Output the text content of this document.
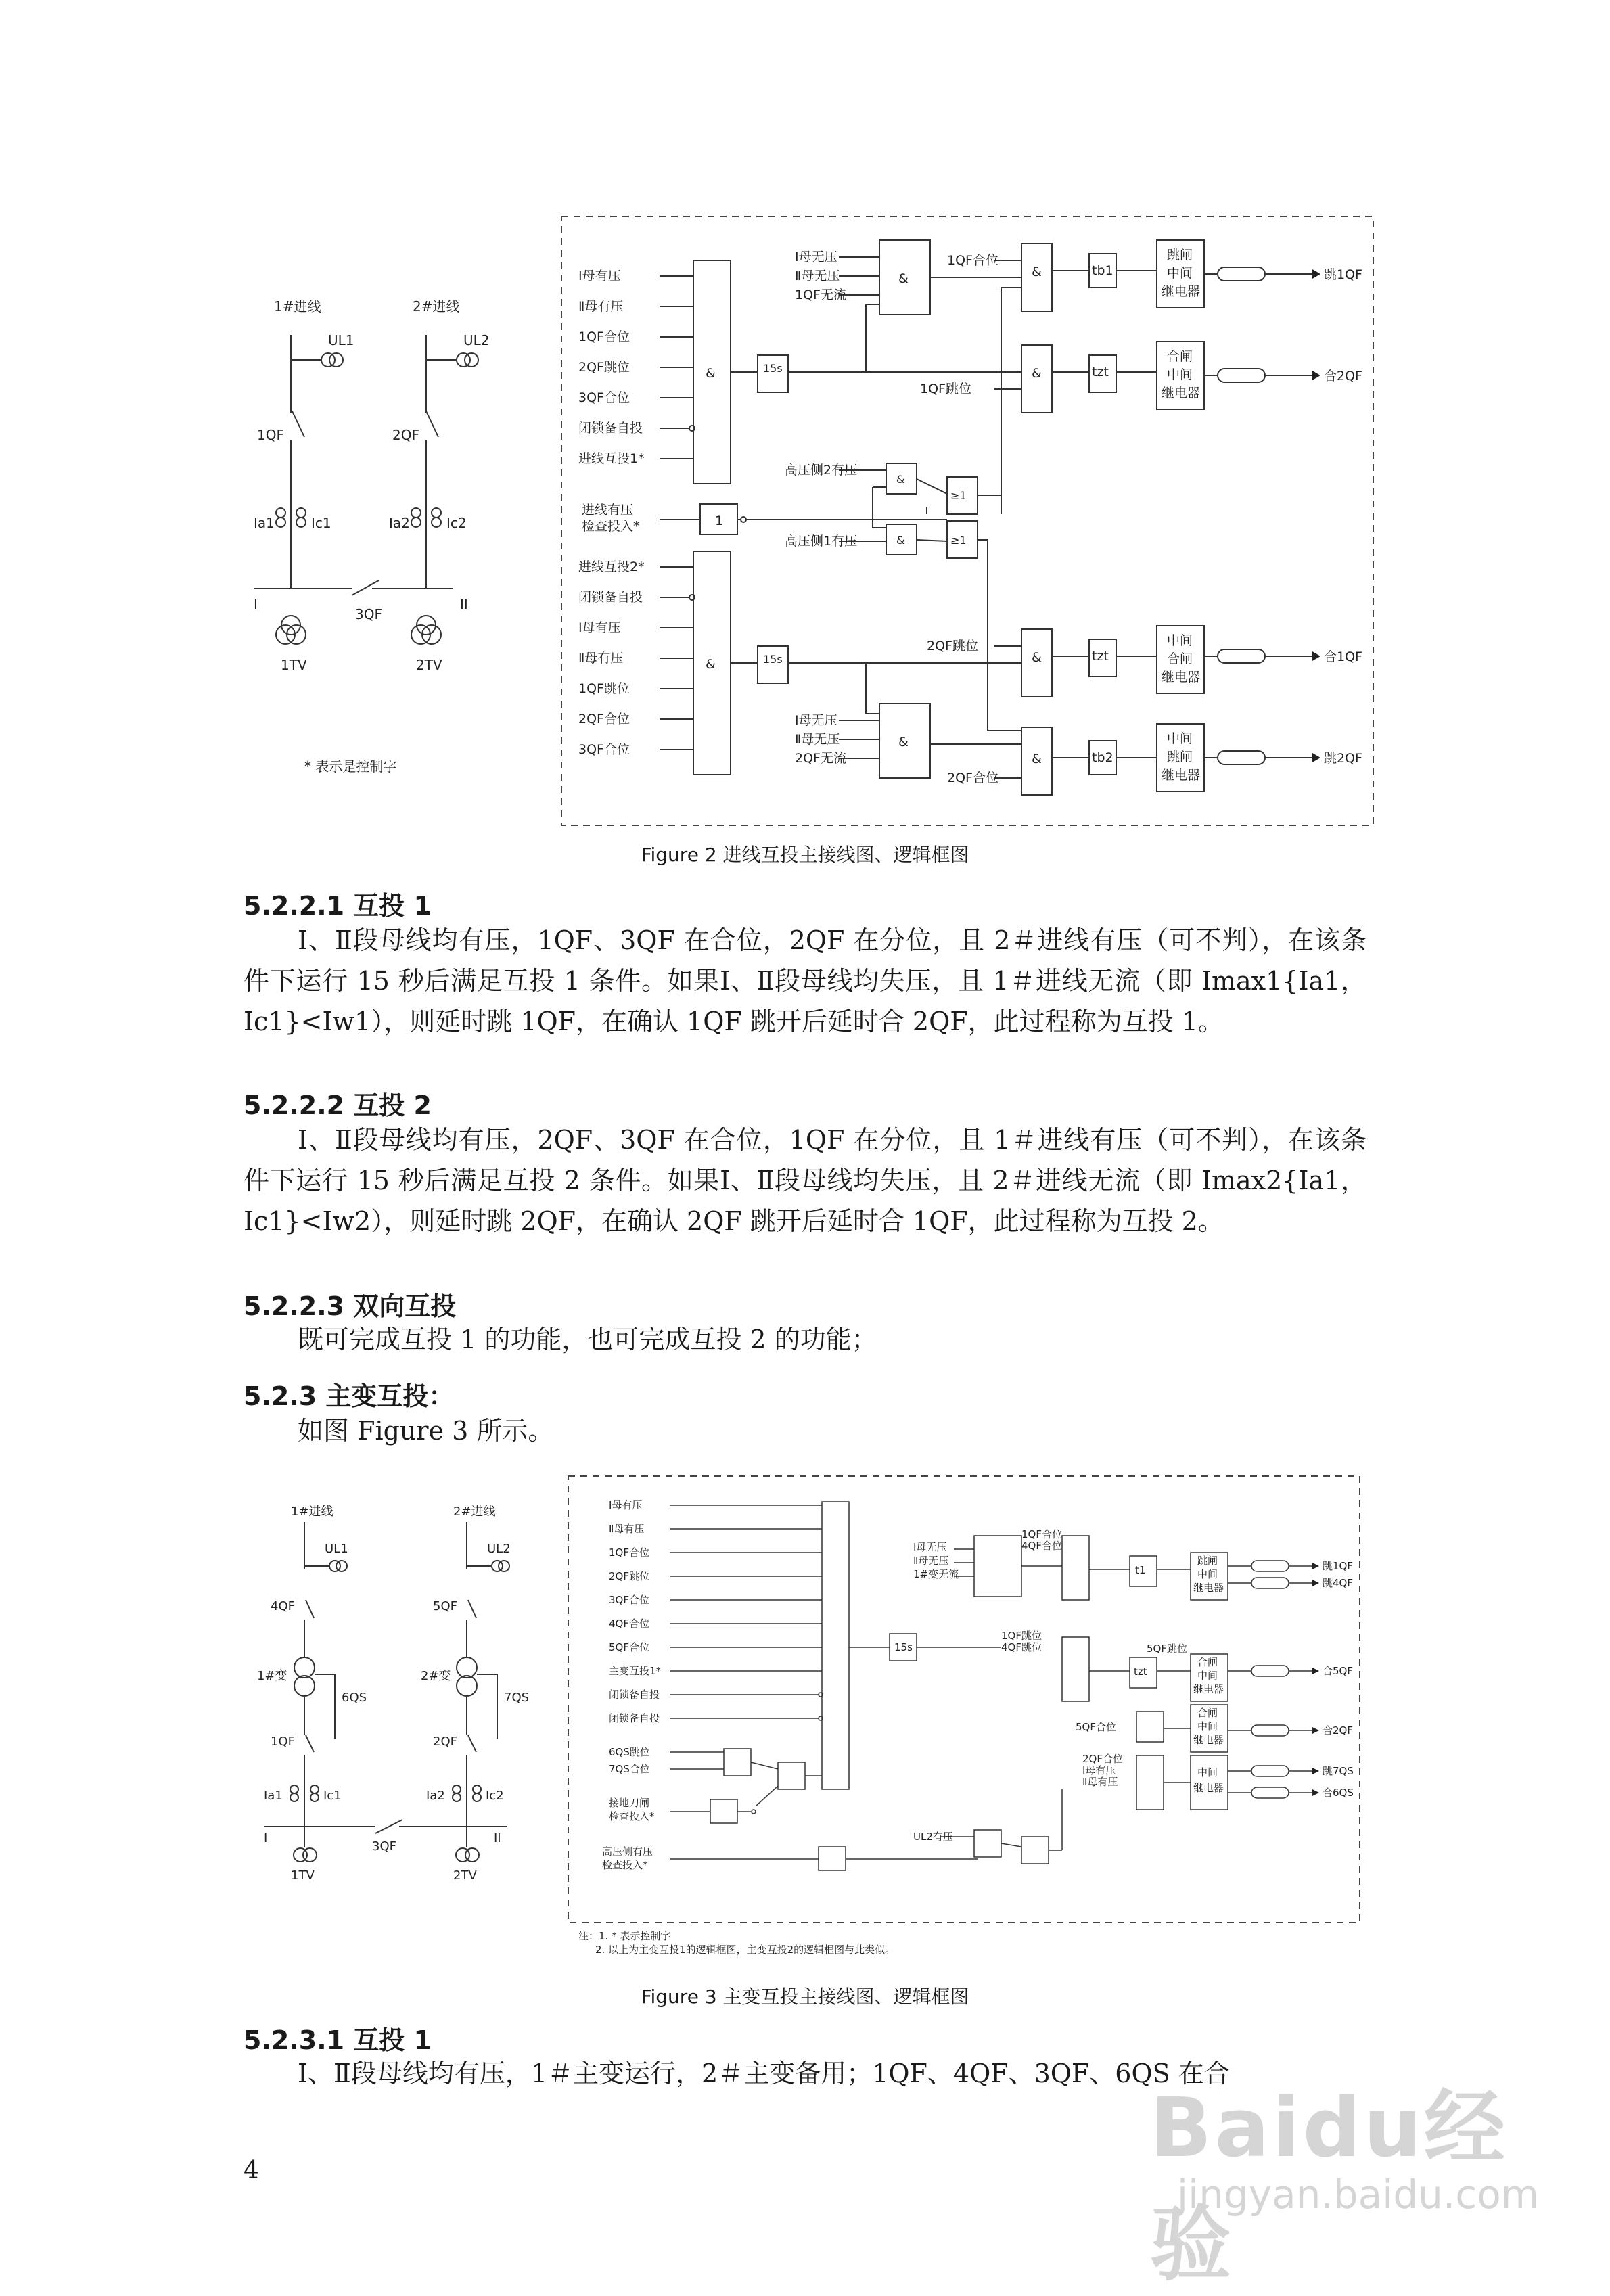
1#进线	2#进线
UL1	UL2
1QF	2QF
Ia1	Ic1	Ia2	Ic2
I	II
3QF
1TV	2TV
* 表示是控制字
Ⅰ母有压
Ⅱ母有压
1QF合位
2QF跳位
3QF合位
闭锁备自投
进线互投1*
进线有压
检查投入*
进线互投2*
闭锁备自投
Ⅰ母有压
Ⅱ母有压
1QF跳位
2QF合位
3QF合位
&
&
15s
15s
1
Ⅰ母无压
Ⅱ母无压
1QF无流
&
Ⅰ母无压
Ⅱ母无压
2QF无流
&
高压侧2有压
高压侧1有压
&
&
≥1
≥1
1QF合位
1QF跳位
2QF跳位
2QF合位
&
&
&
&
tb1
tzt
tzt
tb2
跳闸
中间
继电器
合闸
中间
继电器
中间
合闸
继电器
中间
跳闸
继电器
跳1QF
合2QF
合1QF
跳2QF
Figure 2 进线互投主接线图、逻辑框图
5.2.2.1 互投 1
Ⅰ、Ⅱ段母线均有压，1QF、3QF 在合位，2QF 在分位，且 2＃进线有压（可不判），在该条件下运行 15 秒后满足互投 1 条件。如果Ⅰ、Ⅱ段母线均失压，且 1＃进线无流（即 Imax1{Ia1，Ic1}<Iw1），则延时跳 1QF，在确认 1QF 跳开后延时合 2QF，此过程称为互投 1。
5.2.2.2 互投 2
Ⅰ、Ⅱ段母线均有压，2QF、3QF 在合位，1QF 在分位，且 1＃进线有压（可不判），在该条件下运行 15 秒后满足互投 2 条件。如果Ⅰ、Ⅱ段母线均失压，且 2＃进线无流（即 Imax2{Ia1，Ic1}<Iw2），则延时跳 2QF，在确认 2QF 跳开后延时合 1QF，此过程称为互投 2。
5.2.2.3 双向互投
既可完成互投 1 的功能，也可完成互投 2 的功能；
5.2.3 主变互投：
如图 Figure 3 所示。
1#进线	2#进线
UL1	UL2
4QF	5QF
1#变	2#变
6QS	7QS
1QF	2QF
Ia1	Ic1	Ia2	Ic2
I	II
3QF
1TV	2TV
Ⅰ母有压
Ⅱ母有压
1QF合位
2QF跳位
3QF合位
4QF合位
5QF合位
主变互投1*
闭锁备自投
闭锁备自投
6QS跳位
7QS合位
接地刀闸
检查投入*
高压侧有压
检查投入*
15s
Ⅰ母无压
Ⅱ母无压
1#变无流
1QF合位
4QF合位
1QF跳位
4QF跳位	5QF跳位
5QF合位
2QF合位
Ⅰ母有压
Ⅱ母有压
UL2有压
t1
tzt
跳闸
中间
继电器
合闸
中间
继电器
合闸
中间
继电器
中间
继电器
跳1QF
跳4QF
合5QF
合2QF
跳7QS
合6QS
注：1. * 表示控制字
2. 以上为主变互投1的逻辑框图，主变互投2的逻辑框图与此类似。
Figure 3 主变互投主接线图、逻辑框图
5.2.3.1 互投 1
Ⅰ、Ⅱ段母线均有压，1＃主变运行，2＃主变备用；1QF、4QF、3QF、6QS 在合
4	Baidu经验
jingyan.baidu.com
